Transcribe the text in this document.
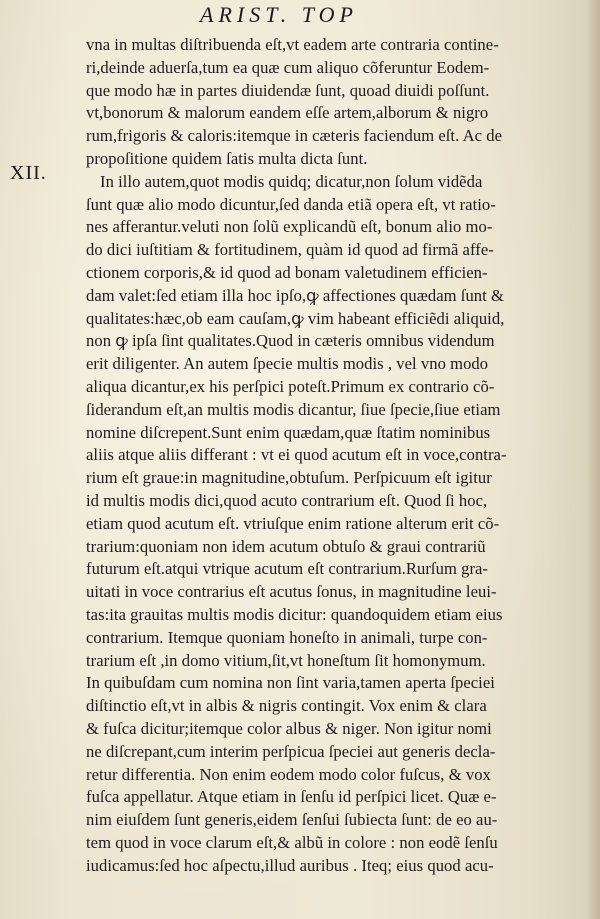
ARIST. TOP
XII.
vna in multas diſtribuenda eſt,vt eadem arte contraria contine-
ri,deinde aduerſa,tum ea quæ cum aliquo cõferuntur Eodem-
que modo hæ in partes diuidendæ ſunt, quoad diuidi poſſunt.
vt,bonorum & malorum eandem eſſe artem,alborum & nigro
rum,frigoris & caloris:itemque in cæteris faciendum eſt. Ac de
propoſitione quidem ſatis multa dicta ſunt.
In illo autem,quot modis quidq; dicatur,non ſolum vidẽda
ſunt quæ alio modo dicuntur,ſed danda etiã opera eſt, vt ratio-
nes afferantur.veluti non ſolũ explicandũ eſt, bonum alio mo-
do dici iuſtitiam & fortitudinem, quàm id quod ad firmã affe-
ctionem corporis,& id quod ad bonam valetudinem efficien-
dam valet:ſed etiam illa hoc ipſo,ꝙ affectiones quædam ſunt &
qualitates:hæc,ob eam cauſam,ꝙ vim habeant efficiẽdi aliquid,
non ꝙ ipſa ſint qualitates.Quod in cæteris omnibus videndum
erit diligenter. An autem ſpecie multis modis , vel vno modo
aliqua dicantur,ex his perſpici poteſt.Primum ex contrario cõ-
ſiderandum eſt,an multis modis dicantur, ſiue ſpecie,ſiue etiam
nomine diſcrepent.Sunt enim quædam,quæ ſtatim nominibus
aliis atque aliis differant : vt ei quod acutum eſt in voce,contra-
rium eſt graue:in magnitudine,obtuſum. Perſpicuum eſt igitur
id multis modis dici,quod acuto contrarium eſt. Quod ſi hoc,
etiam quod acutum eſt. vtriuſque enim ratione alterum erit cõ-
trarium:quoniam non idem acutum obtuſo & graui contrariũ
futurum eſt.atqui vtrique acutum eſt contrarium.Rurſum gra-
uitati in voce contrarius eſt acutus ſonus, in magnitudine leui-
tas:ita grauitas multis modis dicitur: quandoquidem etiam eius
contrarium. Itemque quoniam honeſto in animali, turpe con-
trarium eſt ,in domo vitium,ſit,vt honeſtum ſit homonymum.
In quibuſdam cum nomina non ſint varia,tamen aperta ſpeciei
diſtinctio eſt,vt in albis & nigris contingit. Vox enim & clara
& fuſca dicitur;itemque color albus & niger. Non igitur nomi
ne diſcrepant,cum interim perſpicua ſpeciei aut generis decla-
retur differentia. Non enim eodem modo color fuſcus, & vox
fuſca appellatur. Atque etiam in ſenſu id perſpici licet. Quæ e-
nim eiuſdem ſunt generis,eidem ſenſui ſubiecta ſunt: de eo au-
tem quod in voce clarum eſt,& albũ in colore : non eodẽ ſenſu
iudicamus:ſed hoc aſpectu,illud auribus . Iteq; eius quod acu-
